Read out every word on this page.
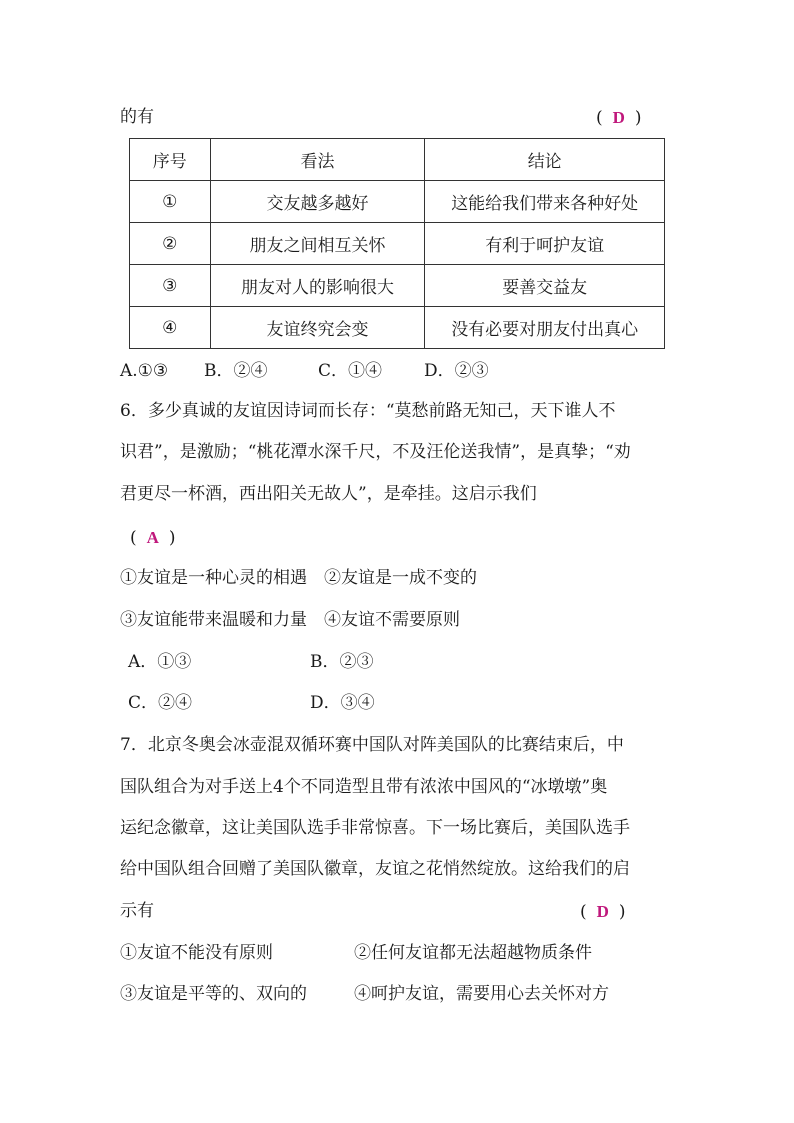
的有	( D )
序号	看法	结论
①	交友越多越好	这能给我们带来各种好处
②	朋友之间相互关怀	有利于呵护友谊
③	朋友对人的影响很大	要善交益友
④	友谊终究会变	没有必要对朋友付出真心
A.①③ B．②④	C．①④ D．②③
6．多少真诚的友谊因诗词而长存：“莫愁前路无知己，天下谁人不
识君”，是激励；“桃花潭水深千尺，不及汪伦送我情”，是真挚；“劝
君更尽一杯酒，西出阳关无故人”，是牵挂。这启示我们
( A )
①友谊是一种心灵的相遇　②友谊是一成不变的
③友谊能带来温暖和力量　④友谊不需要原则
A．①③	B．②③
C．②④	D．③④
7．北京冬奥会冰壶混双循环赛中国队对阵美国队的比赛结束后，中
国队组合为对手送上4个不同造型且带有浓浓中国风的“冰墩墩”奥
运纪念徽章，这让美国队选手非常惊喜。下一场比赛后，美国队选手
给中国队组合回赠了美国队徽章，友谊之花悄然绽放。这给我们的启
示有	( D )
①友谊不能没有原则	②任何友谊都无法超越物质条件
③友谊是平等的、双向的	④呵护友谊，需要用心去关怀对方
